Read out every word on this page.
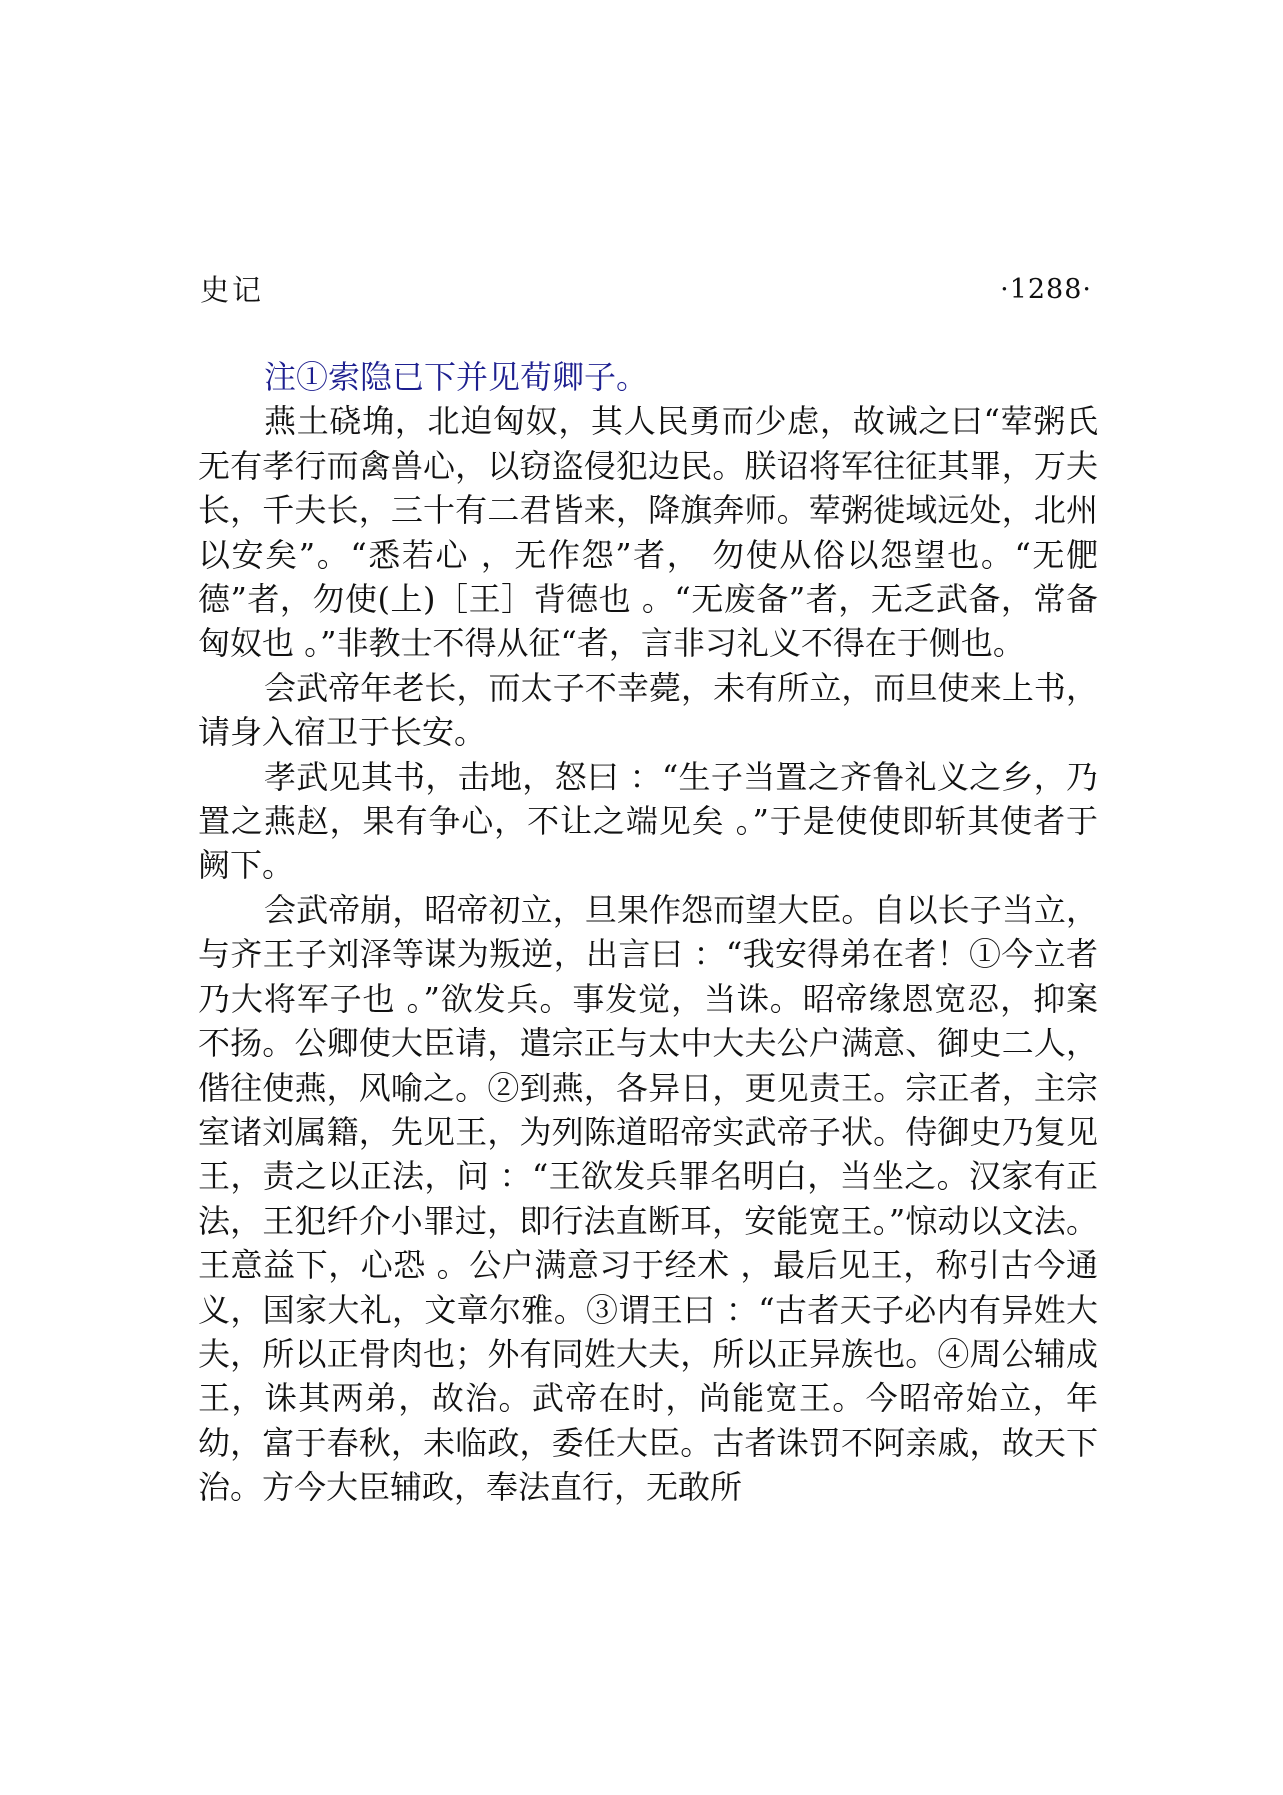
史记	·1288·

注①索隐已下并见荀卿子。

燕土硗埆，北迫匈奴，其人民勇而少虑，故诫之曰“荤粥氏无有孝行而禽兽心，以窃盗侵犯边民。朕诏将军往征其罪，万夫长，千夫长，三十有二君皆来，降旗奔师。荤粥徙域远处，北州以安矣”。“悉若心 ，无作怨”者， 勿使从俗以怨望也。“无俷德”者，勿使(上)［王］背德也 。“无废备”者，无乏武备，常备匈奴也 。”非教士不得从征“者，言非习礼义不得在于侧也。

会武帝年老长，而太子不幸薨，未有所立，而旦使来上书，请身入宿卫于长安。

孝武见其书，击地，怒曰 ：“生子当置之齐鲁礼义之乡，乃置之燕赵，果有争心，不让之端见矣 。”于是使使即斩其使者于阙下。

会武帝崩，昭帝初立，旦果作怨而望大臣。自以长子当立，与齐王子刘泽等谋为叛逆，出言曰 ：“我安得弟在者！①今立者乃大将军子也 。”欲发兵。事发觉，当诛。昭帝缘恩宽忍，抑案不扬。公卿使大臣请，遣宗正与太中大夫公户满意、御史二人，偕往使燕，风喻之。②到燕，各异日，更见责王。宗正者，主宗室诸刘属籍，先见王，为列陈道昭帝实武帝子状。侍御史乃复见王，责之以正法，问 ：“王欲发兵罪名明白，当坐之。汉家有正法，王犯纤介小罪过，即行法直断耳，安能宽王。”惊动以文法。王意益下，心恐 。公户满意习于经术 ，最后见王，称引古今通义，国家大礼，文章尔雅。③谓王曰 ：“古者天子必内有异姓大夫，所以正骨肉也；外有同姓大夫，所以正异族也。④周公辅成王，诛其两弟，故治。武帝在时，尚能宽王。今昭帝始立，年幼，富于春秋，未临政，委任大臣。古者诛罚不阿亲戚，故天下治。方今大臣辅政，奉法直行，无敢所
